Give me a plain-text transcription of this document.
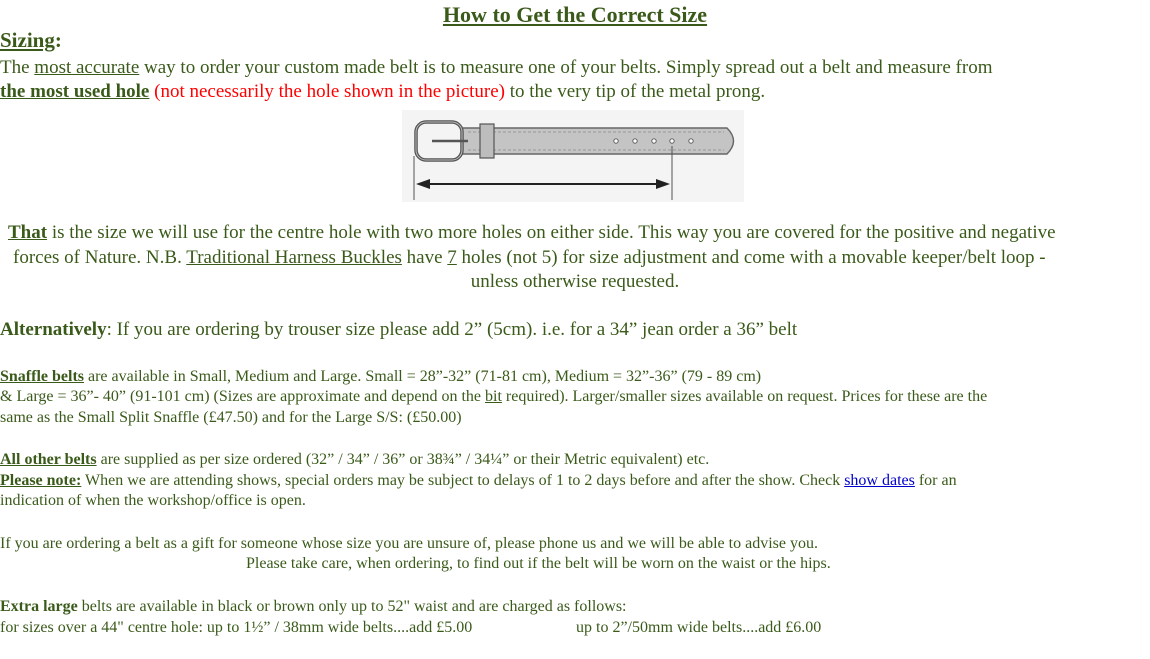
How to Get the Correct Size
Sizing:
The most accurate way to order your custom made belt is to measure one of your belts. Simply spread out a belt and measure from
the most used hole (not necessarily the hole shown in the picture) to the very tip of the metal prong.
That is the size we will use for the centre hole with two more holes on either side. This way you are covered for the positive and negative
forces of Nature. N.B. Traditional Harness Buckles have 7 holes (not 5) for size adjustment and come with a movable keeper/belt loop -
unless otherwise requested.
Alternatively: If you are ordering by trouser size please add 2” (5cm). i.e. for a 34” jean order a 36” belt
Snaffle belts are available in Small, Medium and Large. Small = 28”-32” (71-81 cm), Medium = 32”-36” (79 - 89 cm)
& Large = 36”- 40” (91-101 cm) (Sizes are approximate and depend on the bit required). Larger/smaller sizes available on request. Prices for these are the
same as the Small Split Snaffle (£47.50) and for the Large S/S: (£50.00)
All other belts are supplied as per size ordered (32” / 34” / 36” or 38¾” / 34¼” or their Metric equivalent) etc.
Please note: When we are attending shows, special orders may be subject to delays of 1 to 2 days before and after the show. Check show dates for an
indication of when the workshop/office is open.
If you are ordering a belt as a gift for someone whose size you are unsure of, please phone us and we will be able to advise you.
Please take care, when ordering, to find out if the belt will be worn on the waist or the hips.
Extra large belts are available in black or brown only up to 52" waist and are charged as follows:
for sizes over a 44" centre hole: up to 1½” / 38mm wide belts....add £5.00	up to 2”/50mm wide belts....add £6.00
